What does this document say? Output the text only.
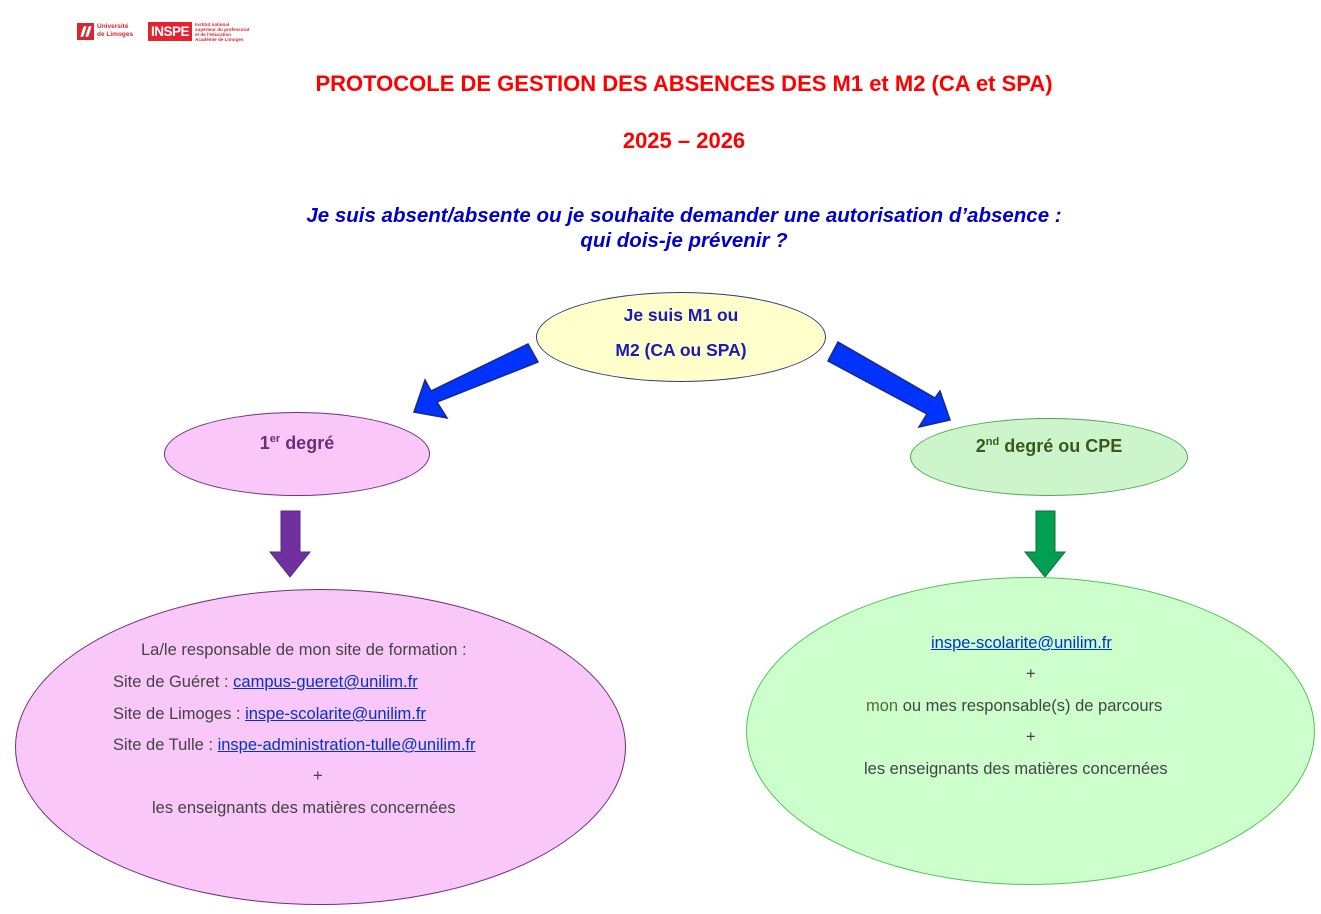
Université
de Limoges INSPE	Institut national
supérieur du professorat
et de l'éducation
Académie de Limoges
PROTOCOLE DE GESTION DES ABSENCES DES M1 et M2 (CA et SPA)
2025 – 2026
Je suis absent/absente ou je souhaite demander une autorisation d’absence :
qui dois-je prévenir ?
Je suis M1 ou
M2 (CA ou SPA)
1er degré	2nd degré ou CPE
La/le responsable de mon site de formation :
Site de Guéret : campus-gueret@unilim.fr
Site de Limoges : inspe-scolarite@unilim.fr
Site de Tulle : inspe-administration-tulle@unilim.fr
+
les enseignants des matières concernées
inspe-scolarite@unilim.fr
+
mon ou mes responsable(s) de parcours
+
les enseignants des matières concernées
